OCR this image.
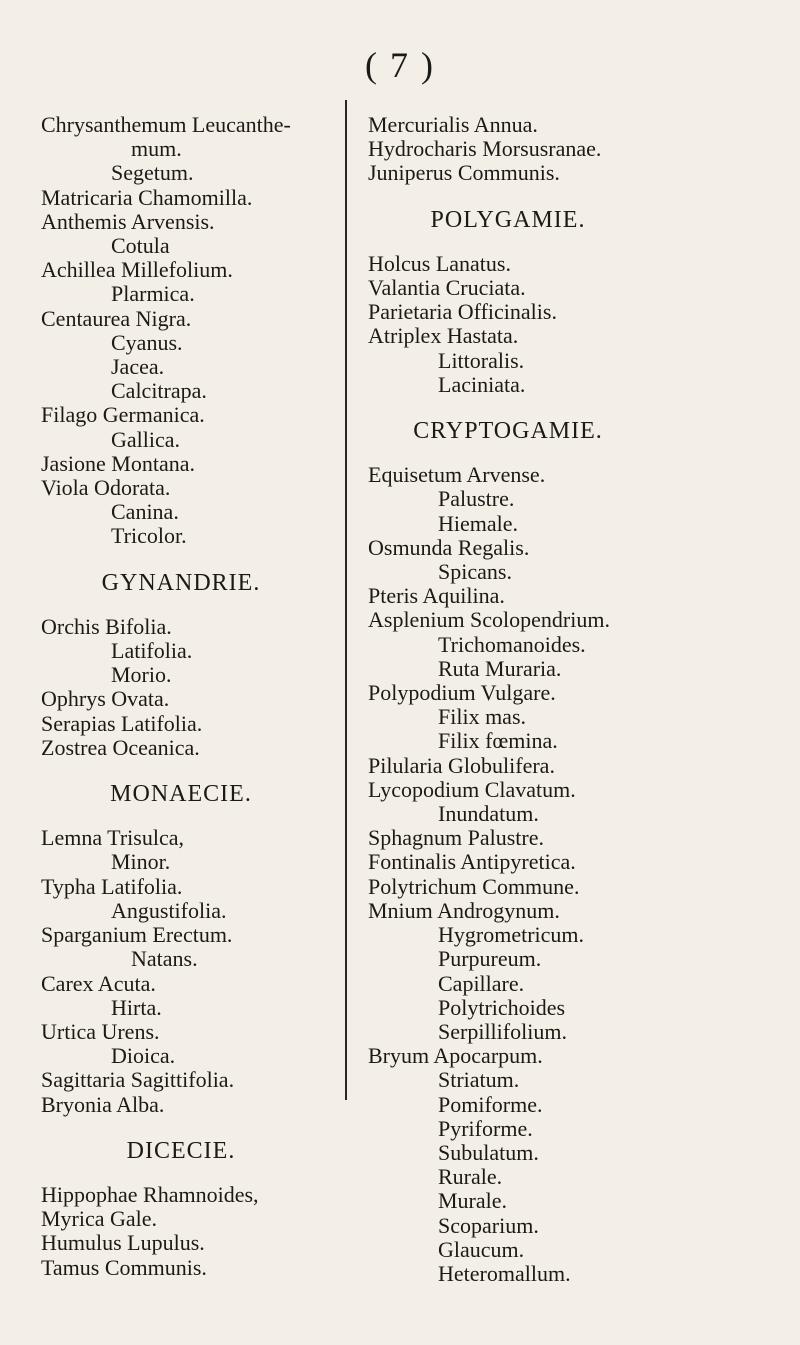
( 7 )
Chrysanthemum Leucanthe-
mum.
Segetum.
Matricaria Chamomilla.
Anthemis Arvensis.
Cotula
Achillea Millefolium.
Plarmica.
Centaurea Nigra.
Cyanus.
Jacea.
Calcitrapa.
Filago Germanica.
Gallica.
Jasione Montana.
Viola Odorata.
Canina.
Tricolor.
GYNANDRIE.
Orchis Bifolia.
Latifolia.
Morio.
Ophrys Ovata.
Serapias Latifolia.
Zostrea Oceanica.
MONAECIE.
Lemna Trisulca,
Minor.
Typha Latifolia.
Angustifolia.
Sparganium Erectum.
Natans.
Carex Acuta.
Hirta.
Urtica Urens.
Dioica.
Sagittaria Sagittifolia.
Bryonia Alba.
DICECIE.
Hippophae Rhamnoides,
Myrica Gale.
Humulus Lupulus.
Tamus Communis.
Mercurialis Annua.
Hydrocharis Morsusranae.
Juniperus Communis.
POLYGAMIE.
Holcus Lanatus.
Valantia Cruciata.
Parietaria Officinalis.
Atriplex Hastata.
Littoralis.
Laciniata.
CRYPTOGAMIE.
Equisetum Arvense.
Palustre.
Hiemale.
Osmunda Regalis.
Spicans.
Pteris Aquilina.
Asplenium Scolopendrium.
Trichomanoides.
Ruta Muraria.
Polypodium Vulgare.
Filix mas.
Filix fœmina.
Pilularia Globulifera.
Lycopodium Clavatum.
Inundatum.
Sphagnum Palustre.
Fontinalis Antipyretica.
Polytrichum Commune.
Mnium Androgynum.
Hygrometricum.
Purpureum.
Capillare.
Polytrichoides
Serpillifolium.
Bryum Apocarpum.
Striatum.
Pomiforme.
Pyriforme.
Subulatum.
Rurale.
Murale.
Scoparium.
Glaucum.
Heteromallum.
